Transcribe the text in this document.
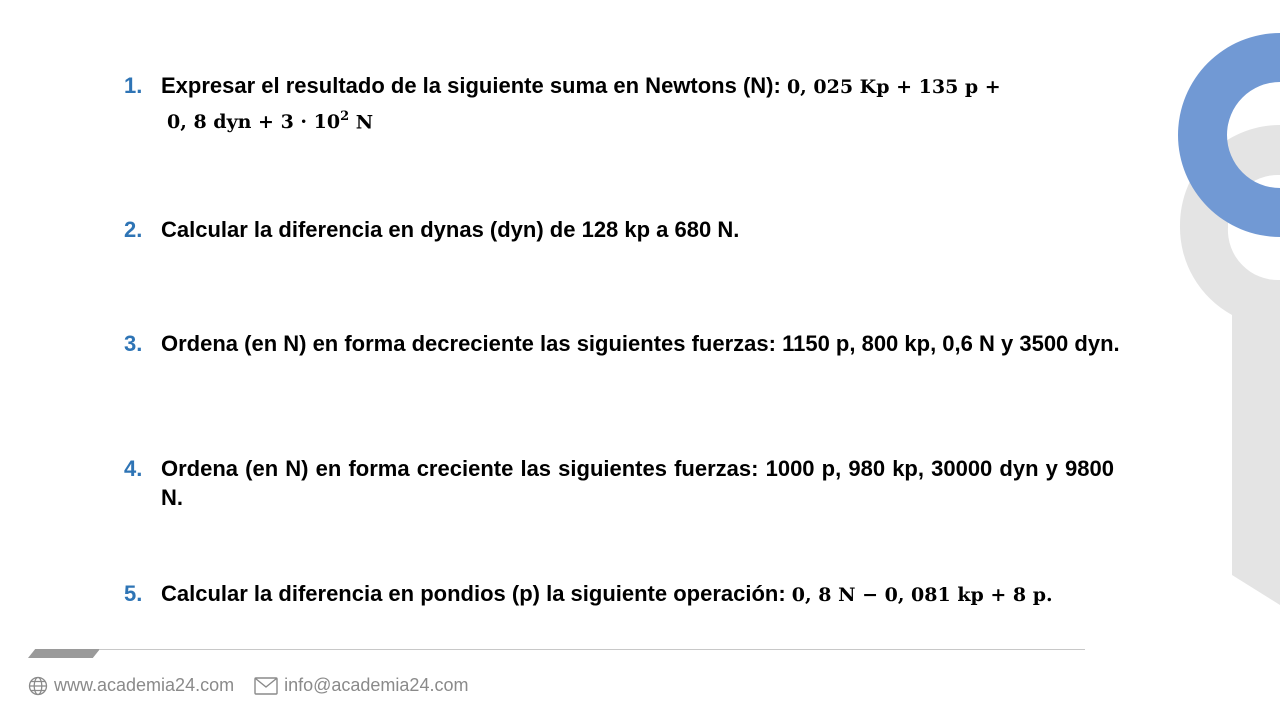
1. Expresar el resultado de la siguiente suma en Newtons (N): 0, 025 Kp + 135 p +
0, 8 dyn + $3 \cdot 10^2$ N
2. Calcular la diferencia en dynas (dyn) de 128 kp a 680 N.
3. Ordena (en N) en forma decreciente las siguientes fuerzas: 1150 p, 800 kp, 0,6 N y 3500 dyn.
4. Ordena (en N) en forma creciente las siguientes fuerzas: 1000 p, 980 kp, 30000 dyn y 9800 N.
5. Calcular la diferencia en pondios (p) la siguiente operación: 0, 8 N − 0, 081 kp + 8 p.
www.academia24.com	info@academia24.com
